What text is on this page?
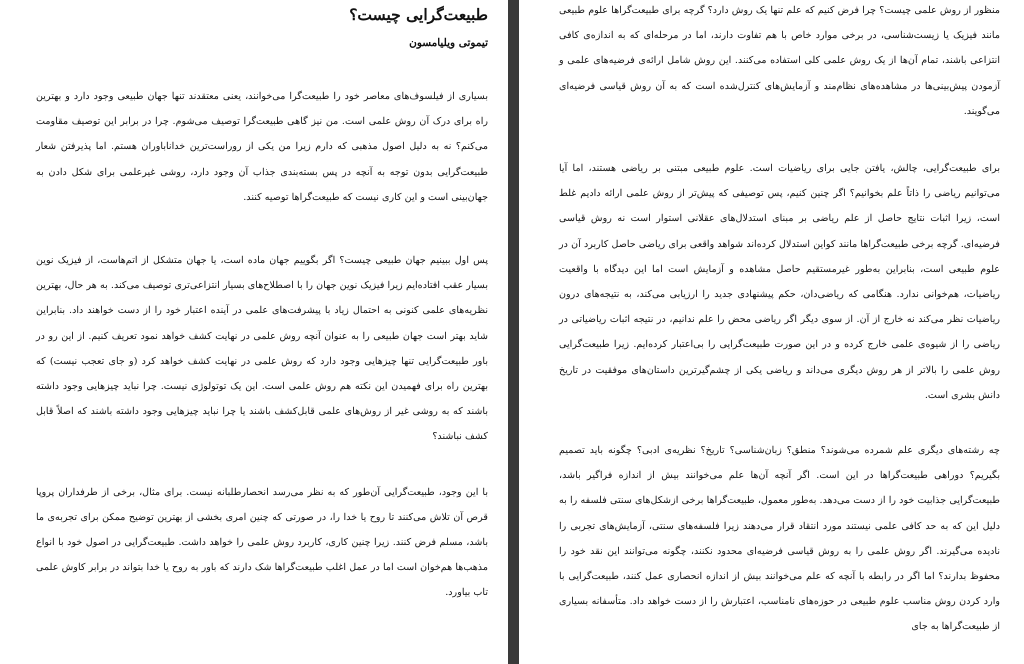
طبیعت‌گرایی چیست؟
تیموتی ویلیامسون

بسیاری از فیلسوف‌های معاصر خود را طبیعت‌گرا می‌خوانند، یعنی معتقدند تنها جهان طبیعی وجود دارد و بهترین راه برای درک آن روش علمی است. من نیز گاهی طبیعت‌گرا توصیف می‌شوم. چرا در برابر این توصیف مقاومت می‌کنم؟ نه به دلیل اصول مذهبی که دارم زیرا من یکی از روراست‌ترین خداناباوران هستم. اما پذیرفتن شعار طبیعت‌گرایی بدون توجه به آنچه در پس بسته‌بندی جذاب آن وجود دارد، روشی غیرعلمی برای شکل دادن به جهان‌بینی است و این کاری نیست که طبیعت‌گراها توصیه کنند.

پس اول ببینیم جهان طبیعی چیست؟ اگر بگوییم جهان ماده است، یا جهان متشکل از اتم‌هاست، از فیزیک نوین بسیار عقب افتاده‌ایم زیرا فیزیک نوین جهان را با اصطلاح‌های بسیار انتزاعی‌تری توصیف می‌کند. به هر حال، بهترین نظریه‌های علمی کنونی به احتمال زیاد با پیشرفت‌های علمی در آینده اعتبار خود را از دست خواهند داد. بنابراین شاید بهتر است جهان طبیعی را به عنوان آنچه روش علمی در نهایت کشف خواهد نمود تعریف کنیم. از این رو در باور طبیعت‌گرایی تنها چیزهایی وجود دارد که روش علمی در نهایت کشف خواهد کرد (و جای تعجب نیست) که بهترین راه برای فهمیدن این نکته هم روش علمی است. این یک توتولوژی نیست. چرا نباید چیزهایی وجود داشته باشند که به روشی غیر از روش‌های علمی قابل‌کشف باشند یا چرا نباید چیزهایی وجود داشته باشند که اصلاً قابل کشف نباشند؟

با این وجود، طبیعت‌گرایی آن‌طور که به نظر می‌رسد انحصارطلبانه نیست. برای مثال، برخی از طرفداران پروپا قرص آن تلاش می‌کنند تا روح یا خدا را، در صورتی که چنین امری بخشی از بهترین توضیح ممکن برای تجربه‌ی ما باشد، مسلم فرض کنند. زیرا چنین کاری، کاربرد روش علمی را خواهد داشت. طبیعت‌گرایی در اصول خود با انواع مذهب‌ها هم‌خوان است اما در عمل اغلب طبیعت‌گراها شک دارند که باور به روح یا خدا بتواند در برابر کاوش علمی تاب بیاورد.

منظور از روش علمی چیست؟ چرا فرض کنیم که علم تنها یک روش دارد؟ گرچه برای طبیعت‌گراها علوم طبیعی مانند فیزیک یا زیست‌شناسی، در برخی موارد خاص با هم تفاوت دارند، اما در مرحله‌ای که به اندازه‌ی کافی انتزاعی باشند، تمام آن‌ها از یک روش علمی کلی استفاده می‌کنند. این روش شامل ارائه‌ی فرضیه‌های علمی و آزمودن پیش‌بینی‌ها در مشاهده‌های نظام‌مند و آزمایش‌های کنترل‌شده است که به آن روش قیاسی فرضیه‌ای می‌گویند.

برای طبیعت‌گرایی، چالش، یافتن جایی برای ریاضیات است. علوم طبیعی مبتنی بر ریاضی هستند، اما آیا می‌توانیم ریاضی را ذاتاً علم بخوانیم؟ اگر چنین کنیم، پس توصیفی که پیش‌تر از روش علمی ارائه دادیم غلط است، زیرا اثبات نتایج حاصل از علم ریاضی بر مبنای استدلال‌های عقلانی استوار است نه روش قیاسی فرضیه‌ای. گرچه برخی طبیعت‌گراها مانند کواین استدلال کرده‌اند شواهد واقعی برای ریاضی حاصل کاربرد آن در علوم طبیعی است، بنابراین به‌طور غیرمستقیم حاصل مشاهده و آزمایش است اما این دیدگاه با واقعیت ریاضیات، هم‌خوانی ندارد. هنگامی که ریاضی‌دان، حکم پیشنهادی جدید را ارزیابی می‌کند، به نتیجه‌های درون ریاضیات نظر می‌کند نه خارج از آن. از سوی دیگر اگر ریاضی محض را علم ندانیم، در نتیجه اثبات ریاضیاتی در ریاضی را از شیوه‌ی علمی خارج کرده و در این صورت طبیعت‌گرایی را بی‌اعتبار کرده‌ایم. زیرا طبیعت‌گرایی روش علمی را بالاتر از هر روش دیگری می‌داند و ریاضی یکی از چشم‌گیرترین داستان‌های موفقیت در تاریخ دانش بشری است.

چه رشته‌های دیگری علم شمرده می‌شوند؟ منطق؟ زبان‌شناسی؟ تاریخ؟ نظریه‌ی ادبی؟ چگونه باید تصمیم بگیریم؟ دوراهی طبیعت‌گراها در این است. اگر آنچه آن‌ها علم می‌خوانند بیش از اندازه فراگیر باشد، طبیعت‌گرایی جذابیت خود را از دست می‌دهد. به‌طور معمول، طبیعت‌گراها برخی ازشکل‌های سنتی فلسفه را به دلیل این که به حد کافی علمی نیستند مورد انتقاد قرار می‌دهند زیرا فلسفه‌های سنتی، آزمایش‌های تجربی را نادیده می‌گیرند. اگر روش علمی را به روش قیاسی فرضیه‌ای محدود نکنند، چگونه می‌توانند این نقد خود را محفوظ بدارند؟ اما اگر در رابطه با آنچه که علم می‌خوانند بیش از اندازه انحصاری عمل کنند، طبیعت‌گرایی با وارد کردن روش مناسب علوم طبیعی در حوزه‌های نامناسب، اعتبارش را از دست خواهد داد. متأسفانه بسیاری از طبیعت‌گراها به جای
